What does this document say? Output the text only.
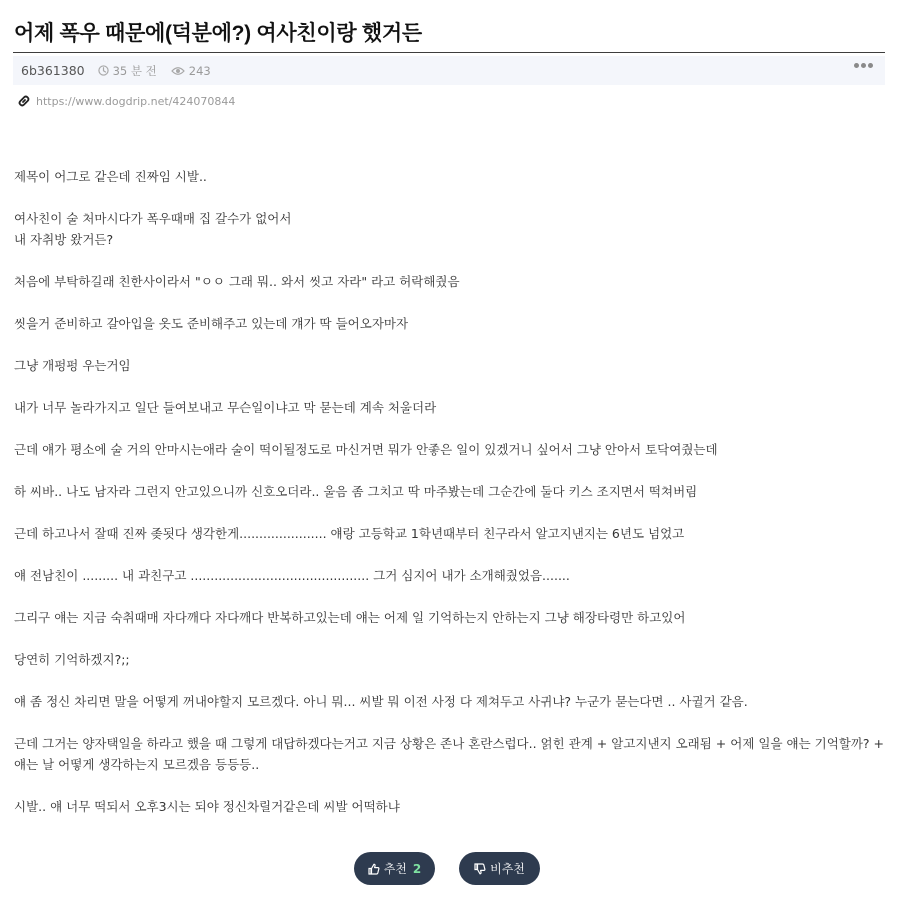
어제 폭우 때문에(덕분에?) 여사친이랑 했거든
6b361380 35 분 전	243
https://www.dogdrip.net/424070844

제목이 어그로 같은데 진짜임 시발..

여사친이 술 처마시다가 폭우때매 집 갈수가 없어서
내 자취방 왔거든?

처음에 부탁하길래 친한사이라서 "ㅇㅇ 그래 뭐.. 와서 씻고 자라" 라고 허락해줬음

씻을거 준비하고 갈아입을 옷도 준비해주고 있는데 걔가 딱 들어오자마자

그냥 개펑펑 우는거임

내가 너무 놀라가지고 일단 들여보내고 무슨일이냐고 막 묻는데 계속 처울더라

근데 얘가 평소에 술 거의 안마시는애라 술이 떡이될정도로 마신거면 뭐가 안좋은 일이 있겠거니 싶어서 그냥 안아서 토닥여줬는데

하 씨바.. 나도 남자라 그런지 안고있으니까 신호오더라.. 울음 좀 그치고 딱 마주봤는데 그순간에 둘다 키스 조지면서 떡쳐버림

근데 하고나서 잘때 진짜 좆됫다 생각한게...................... 얘랑 고등학교 1학년때부터 친구라서 알고지낸지는 6년도 넘었고

얘 전남친이 ......... 내 과친구고 ............................................. 그거 심지어 내가 소개해줬었음.......

그리구 얘는 지금 숙취때매 자다깨다 자다깨다 반복하고있는데 얘는 어제 일 기억하는지 안하는지 그냥 해장타령만 하고있어

당연히 기억하겠지?;;

얘 좀 정신 차리면 말을 어떻게 꺼내야할지 모르겠다. 아니 뭐... 씨발 뭐 이전 사정 다 제쳐두고 사귀냐? 누군가 묻는다면 .. 사귈거 같음.

근데 그거는 양자택일을 하라고 했을 때 그렇게 대답하겠다는거고 지금 상황은 존나 혼란스럽다.. 얽힌 관계 + 알고지낸지 오래됨 + 어제 일을 얘는 기억할까? + 얘는 날 어떻게 생각하는지 모르겠음 등등등..

시발.. 얘 너무 떡되서 오후3시는 되야 정신차릴거같은데 씨발 어떡하냐

추천 2	비추천
